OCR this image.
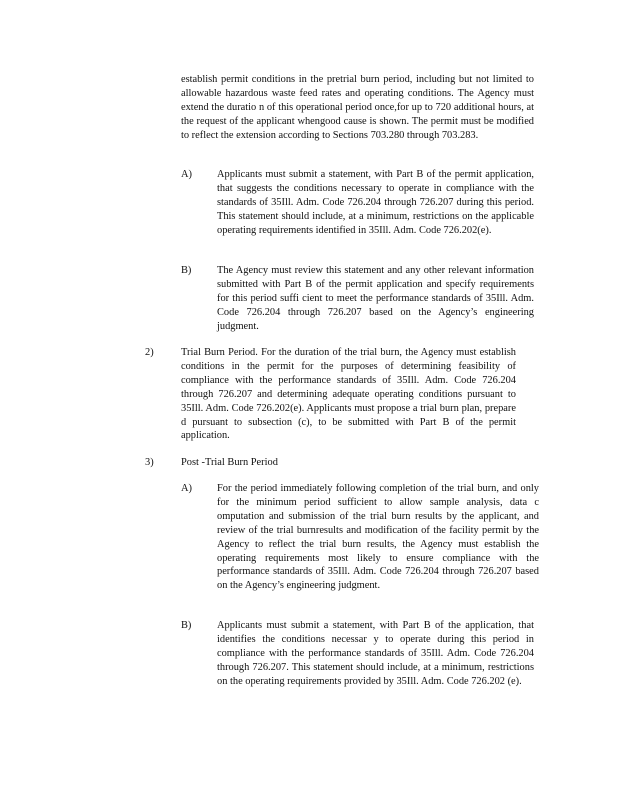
establish permit conditions in the pretrial burn period, including but not limited to allowable hazardous waste feed rates and operating conditions. The Agency must extend the duratio n of this operational period once,for up to 720 additional hours, at the request of the applicant whengood cause is shown. The permit must be modified to reflect the extension according to Sections 703.280 through 703.283.

A) Applicants must submit a statement, with Part B of the permit application, that suggests the conditions necessary to operate in compliance with the standards of 35Ill. Adm. Code 726.204 through 726.207 during this period. This statement should include, at a minimum, restrictions on the applicable operating requirements identified in 35Ill. Adm. Code 726.202(e).

B) The Agency must review this statement and any other relevant information submitted with Part B of the permit application and specify requirements for this period suffi cient to meet the performance standards of 35Ill. Adm. Code 726.204 through 726.207 based on the Agency’s engineering judgment.

2)	Trial Burn Period. For the duration of the trial burn, the Agency must establish conditions in the permit for the purposes of determining feasibility of compliance with the performance standards of 35Ill. Adm. Code 726.204 through 726.207 and determining adequate operating conditions pursuant to 35Ill. Adm. Code 726.202(e). Applicants must propose a trial burn plan, prepare d pursuant to subsection (c), to be submitted with Part B of the permit application.

3)	Post -Trial Burn Period

A) For the period immediately following completion of the trial burn, and only for the minimum period sufficient to allow sample analysis, data c omputation and submission of the trial burn results by the applicant, and review of the trial burnresults and modification of the facility permit by the Agency to reflect the trial burn results, the Agency must establish the operating requirements most likely to ensure compliance with the performance standards of 35Ill. Adm. Code 726.204 through 726.207 based on the Agency’s engineering judgment.

B) Applicants must submit a statement, with Part B of the application, that identifies the conditions necessar y to operate during this period in compliance with the performance standards of 35Ill. Adm. Code 726.204 through 726.207. This statement should include, at a minimum, restrictions on the operating requirements provided by 35Ill. Adm. Code 726.202 (e).
